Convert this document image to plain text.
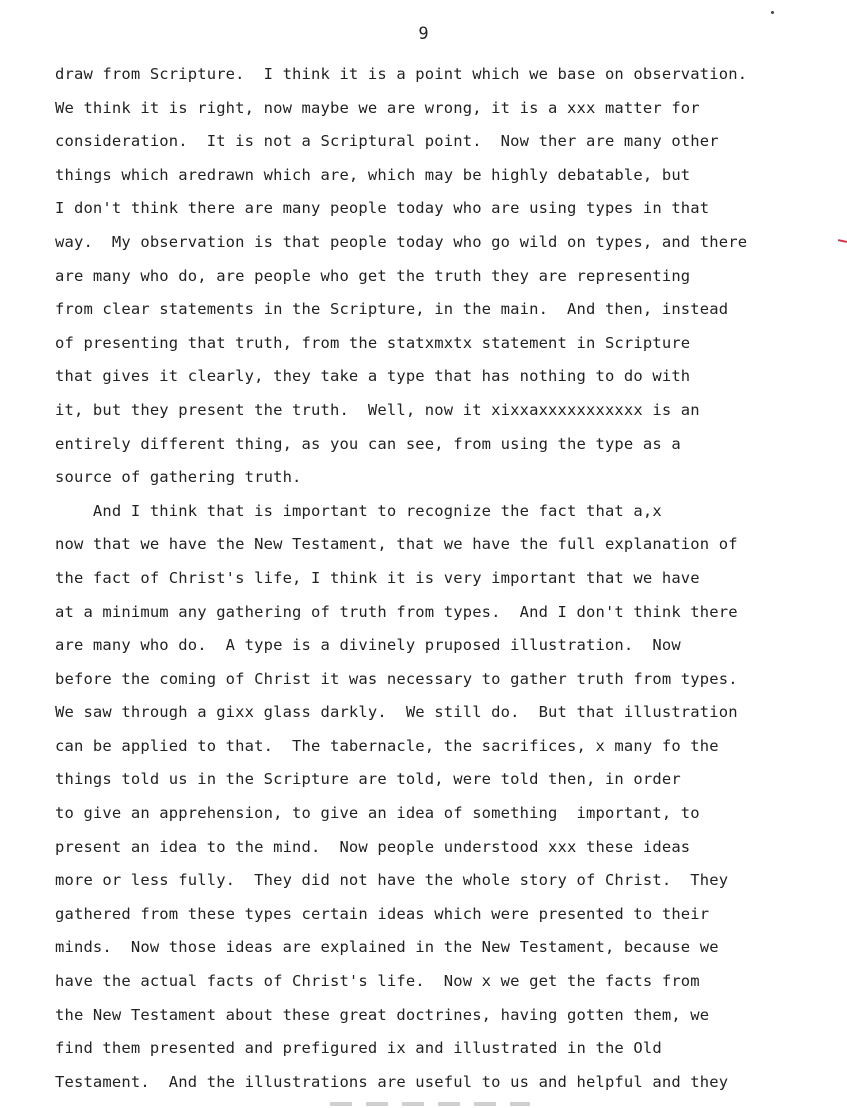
9
draw from Scripture.  I think it is a point which we base on observation.
We think it is right, now maybe we are wrong, it is a xxx matter for
consideration.  It is not a Scriptural point.  Now ther are many other
things which aredrawn which are, which may be highly debatable, but
I don't think there are many people today who are using types in that
way.  My observation is that people today who go wild on types, and there
are many who do, are people who get the truth they are representing
from clear statements in the Scripture, in the main.  And then, instead
of presenting that truth, from the statxmxtx statement in Scripture
that gives it clearly, they take a type that has nothing to do with
it, but they present the truth.  Well, now it xixxaxxxxxxxxxxx is an
entirely different thing, as you can see, from using the type as a
source of gathering truth.
And I think that is important to recognize the fact that a,x
now that we have the New Testament, that we have the full explanation of
the fact of Christ's life, I think it is very important that we have
at a minimum any gathering of truth from types.  And I don't think there
are many who do.  A type is a divinely pruposed illustration.  Now
before the coming of Christ it was necessary to gather truth from types.
We saw through a gixx glass darkly.  We still do.  But that illustration
can be applied to that.  The tabernacle, the sacrifices, x many fo the
things told us in the Scripture are told, were told then, in order
to give an apprehension, to give an idea of something  important, to
present an idea to the mind.  Now people understood xxx these ideas
more or less fully.  They did not have the whole story of Christ.  They
gathered from these types certain ideas which were presented to their
minds.  Now those ideas are explained in the New Testament, because we
have the actual facts of Christ's life.  Now x we get the facts from
the New Testament about these great doctrines, having gotten them, we
find them presented and prefigured ix and illustrated in the Old
Testament.  And the illustrations are useful to us and helpful and they
